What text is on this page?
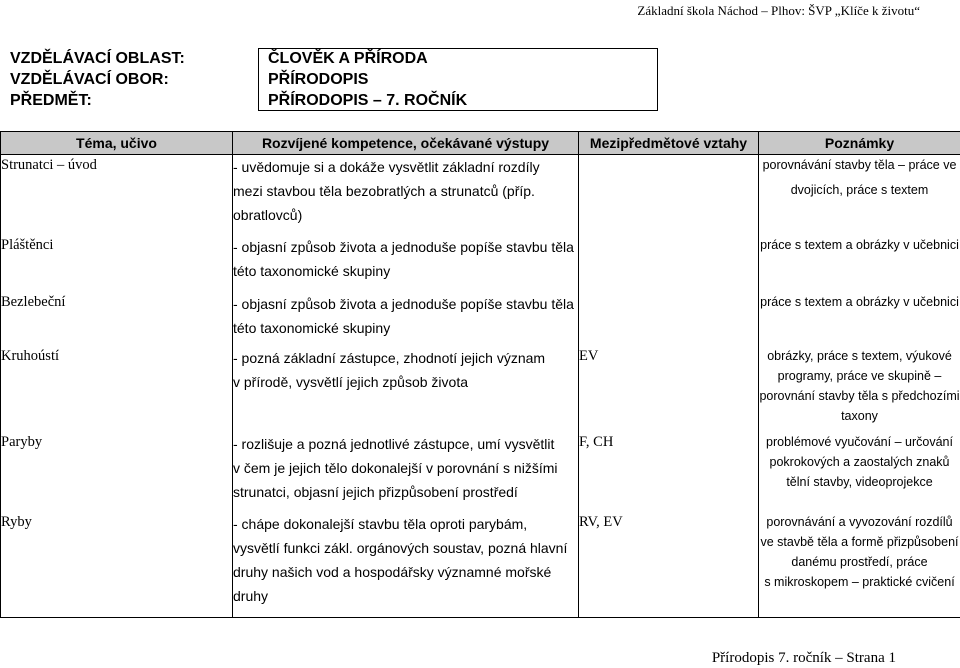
Základní škola Náchod – Plhov: ŠVP „Klíče k životu“
VZDĚLÁVACÍ OBLAST:	ČLOVĚK A PŘÍRODA
VZDĚLÁVACÍ OBOR:	PŘÍRODOPIS
PŘEDMĚT:	PŘÍRODOPIS – 7. ROČNÍK
Téma, učivo	Rozvíjené kompetence, očekávané výstupy	Mezipředmětové vztahy	Poznámky
Strunatci – úvod	- uvědomuje si a dokáže vysvětlit základní rozdíly
mezi stavbou těla bezobratlých a strunatců (příp.
obratlovců)		porovnávání stavby těla – práce ve
dvojicích, práce s textem

Pláštěnci	- objasní způsob života a jednoduše popíše stavbu těla
této taxonomické skupiny		práce s textem a obrázky v učebnici

Bezlebeční	- objasní způsob života a jednoduše popíše stavbu těla
této taxonomické skupiny		práce s textem a obrázky v učebnici

Kruhoústí	- pozná základní zástupce, zhodnotí jejich význam
v přírodě, vysvětlí jejich způsob života	EV	obrázky, práce s textem, výukové
programy, práce ve skupině –
porovnání stavby těla s předchozími
taxony

Paryby	- rozlišuje a pozná jednotlivé zástupce, umí vysvětlit
v čem je jejich tělo dokonalejší v porovnání s nižšími
strunatci, objasní jejich přizpůsobení prostředí	F, CH	problémové vyučování – určování
pokrokových a zaostalých znaků
tělní stavby, videoprojekce

Ryby	- chápe dokonalejší stavbu těla oproti parybám,
vysvětlí funkci zákl. orgánových soustav, pozná hlavní
druhy našich vod a hospodářsky významné mořské
druhy	RV, EV	porovnávání a vyvozování rozdílů
ve stavbě těla a formě přizpůsobení
danému prostředí, práce
s mikroskopem – praktické cvičení
Přírodopis 7. ročník – Strana 1
